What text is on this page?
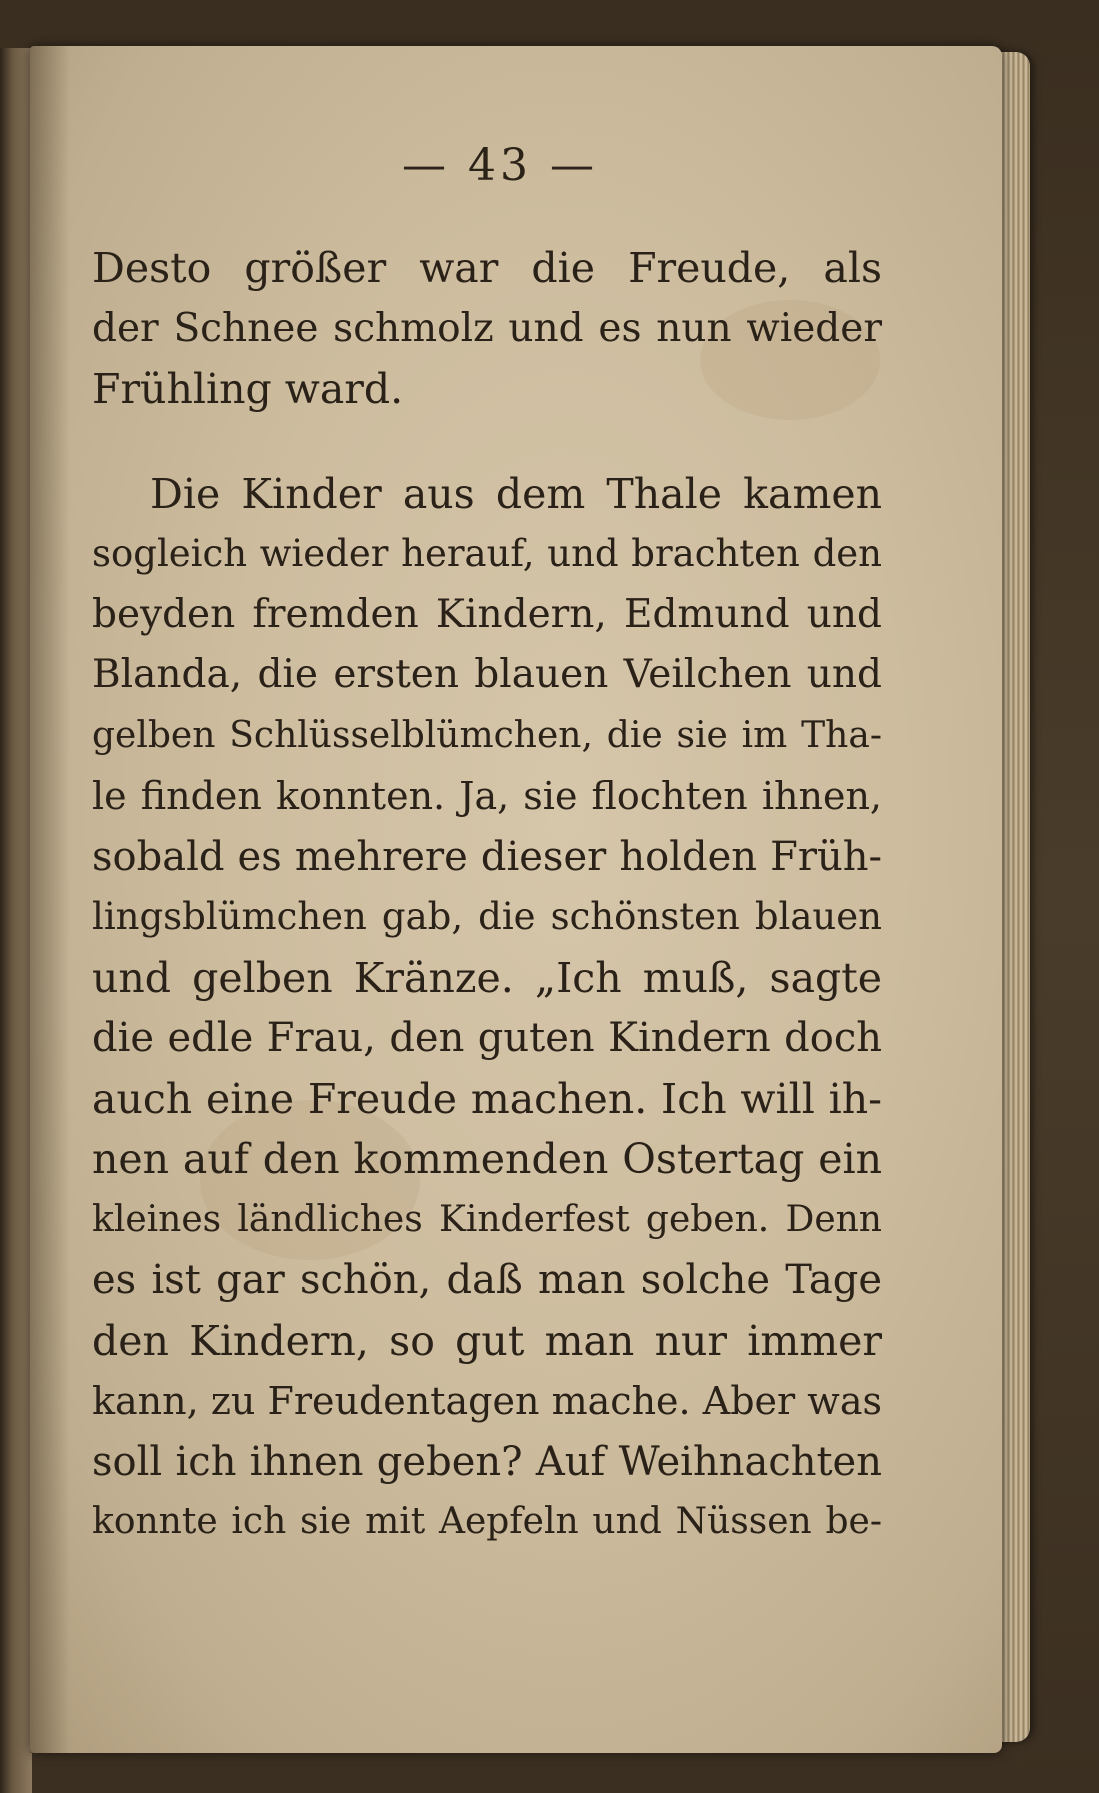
— 43 —
Desto größer war die Freude, als
der Schnee schmolz und es nun wieder
Frühling ward.
Die Kinder aus dem Thale kamen
sogleich wieder herauf, und brachten den
beyden fremden Kindern, Edmund und
Blanda, die ersten blauen Veilchen und
gelben Schlüsselblümchen, die sie im Tha-
le finden konnten. Ja, sie flochten ihnen,
sobald es mehrere dieser holden Früh-
lingsblümchen gab, die schönsten blauen
und gelben Kränze. „Ich muß, sagte
die edle Frau, den guten Kindern doch
auch eine Freude machen. Ich will ih-
nen auf den kommenden Ostertag ein
kleines ländliches Kinderfest geben. Denn
es ist gar schön, daß man solche Tage
den Kindern, so gut man nur immer
kann, zu Freudentagen mache. Aber was
soll ich ihnen geben? Auf Weihnachten
konnte ich sie mit Aepfeln und Nüssen be-
